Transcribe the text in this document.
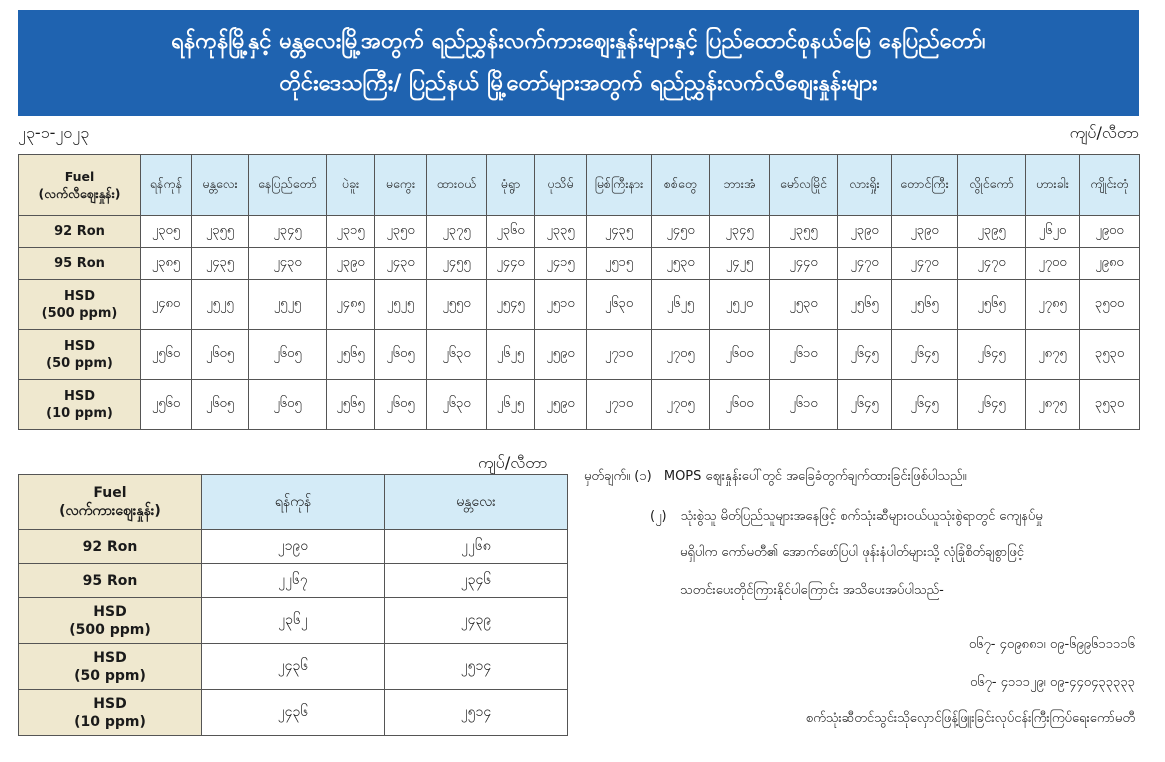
ရန်ကုန်မြို့နှင့် မန္တလေးမြို့အတွက် ရည်ညွှန်းလက်ကားဈေးနှုန်းများနှင့် ပြည်ထောင်စုနယ်မြေ နေပြည်တော်၊
တိုင်းဒေသကြီး/ ပြည်နယ် မြို့တော်များအတွက် ရည်ညွှန်းလက်လီဈေးနှုန်းများ
၂၃-၁-၂၀၂၃	ကျပ်/လီတာ
Fuel
(လက်လီဈေးနှုန်း)	ရန်ကုန်	မန္တလေး	နေပြည်တော်	ပဲခူး	မကွေး	ထားဝယ်	မုံရွာ	ပုသိမ်	မြစ်ကြီးနား	စစ်တွေ	ဘားအံ	မော်လမြိုင်	လားရှိုး	တောင်ကြီး	လွိုင်ကော်	ဟားခါး	ကျိုင်းတုံ

92 Ron	၂၃၀၅	၂၃၅၅	၂၃၄၅	၂၃၁၅	၂၃၅၀	၂၃၇၅	၂၃၆၀	၂၃၃၅	၂၄၃၅	၂၄၅၀	၂၃၄၅	၂၃၅၅	၂၃၉၀	၂၃၉၀	၂၃၉၅	၂၆၂၀	၂၉၀၀

95 Ron	၂၃၈၅	၂၄၃၅	၂၄၃၀	၂၃၉၀	၂၄၃၀	၂၄၅၅	၂၄၄၀	၂၄၁၅	၂၅၁၅	၂၅၃၀	၂၄၂၅	၂၄၄၀	၂၄၇၀	၂၄၇၀	၂၄၇၀	၂၇၀၀	၂၉၈၀

HSD
(500 ppm)	၂၄၈၀	၂၅၂၅	၂၅၂၅	၂၄၈၅	၂၅၂၅	၂၅၅၀	၂၅၄၅	၂၅၁၀	၂၆၃၀	၂၆၂၅	၂၅၂၀	၂၅၃၀	၂၅၆၅	၂၅၆၅	၂၅၆၅	၂၇၈၅	၃၅၀၀

HSD
(50 ppm)	၂၅၆၀	၂၆၀၅	၂၆၀၅	၂၅၆၅	၂၆၀၅	၂၆၃၀	၂၆၂၅	၂၅၉၀	၂၇၁၀	၂၇၀၅	၂၆၀၀	၂၆၁၀	၂၆၄၅	၂၆၄၅	၂၆၄၅	၂၈၇၅	၃၅၃၀

HSD
(10 ppm)	၂၅၆၀	၂၆၀၅	၂၆၀၅	၂၅၆၅	၂၆၀၅	၂၆၃၀	၂၆၂၅	၂၅၉၀	၂၇၁၀	၂၇၀၅	၂၆၀၀	၂၆၁၀	၂၆၄၅	၂၆၄၅	၂၆၄၅	၂၈၇၅	၃၅၃၀
ကျပ်/လီတာ
Fuel
(လက်ကားဈေးနှုန်း)	ရန်ကုန်	မန္တလေး

92 Ron	၂၁၉၀	၂၂၆၈

95 Ron	၂၂၆၇	၂၃၄၆

HSD
(500 ppm)	၂၃၆၂	၂၄၃၉

HSD
(50 ppm)	၂၄၃၆	၂၅၁၄

HSD
(10 ppm)	၂၄၃၆	၂၅၁၄
မှတ်ချက်။ (၁) MOPS ဈေးနှုန်းပေါ်တွင် အခြေခံတွက်ချက်ထားခြင်းဖြစ်ပါသည်။
(၂) သုံးစွဲသူ မိတ်ပြည်သူများအနေဖြင့် စက်သုံးဆီများဝယ်ယူသုံးစွဲရာတွင် ကျေနပ်မှု
မရှိပါက ကော်မတီ၏ အောက်ဖော်ပြပါ ဖုန်းနံပါတ်များသို့ လုံခြုံစိတ်ချစွာဖြင့်
သတင်းပေးတိုင်ကြားနိုင်ပါကြောင်း အသိပေးအပ်ပါသည်-
၀၆၇- ၄၀၉၈၈၁၊ ၀၉-၆၉၉၆၁၁၁၁၆
၀၆၇- ၄၁၁၁၂၉၊ ၀၉-၄၄၀၄၃၃၃၃၃
စက်သုံးဆီတင်သွင်းသိုလှောင်ဖြန့်ဖြူးခြင်းလုပ်ငန်းကြီးကြပ်ရေးကော်မတီ
